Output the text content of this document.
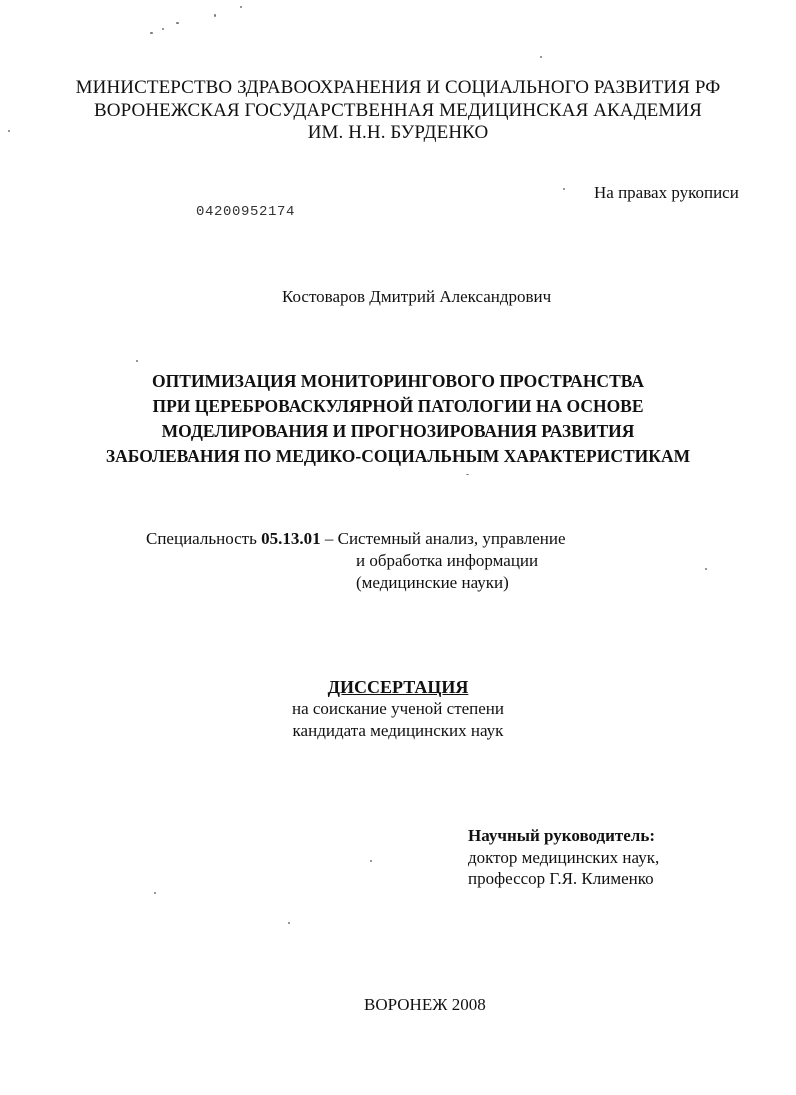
МИНИСТЕРСТВО ЗДРАВООХРАНЕНИЯ И СОЦИАЛЬНОГО РАЗВИТИЯ РФ
ВОРОНЕЖСКАЯ ГОСУДАРСТВЕННАЯ МЕДИЦИНСКАЯ АКАДЕМИЯ
ИМ. Н.Н. БУРДЕНКО
На правах рукописи
04200952174
Костоваров Дмитрий Александрович
ОПТИМИЗАЦИЯ МОНИТОРИНГОВОГО ПРОСТРАНСТВА
ПРИ ЦЕРЕБРОВАСКУЛЯРНОЙ ПАТОЛОГИИ НА ОСНОВЕ
МОДЕЛИРОВАНИЯ И ПРОГНОЗИРОВАНИЯ РАЗВИТИЯ
ЗАБОЛЕВАНИЯ ПО МЕДИКО-СОЦИАЛЬНЫМ ХАРАКТЕРИСТИКАМ
Специальность 05.13.01 – Системный анализ, управление
и обработка информации
(медицинские науки)
ДИССЕРТАЦИЯ
на соискание ученой степени
кандидата медицинских наук
Научный руководитель:
доктор медицинских наук,
профессор Г.Я. Клименко
ВОРОНЕЖ 2008
